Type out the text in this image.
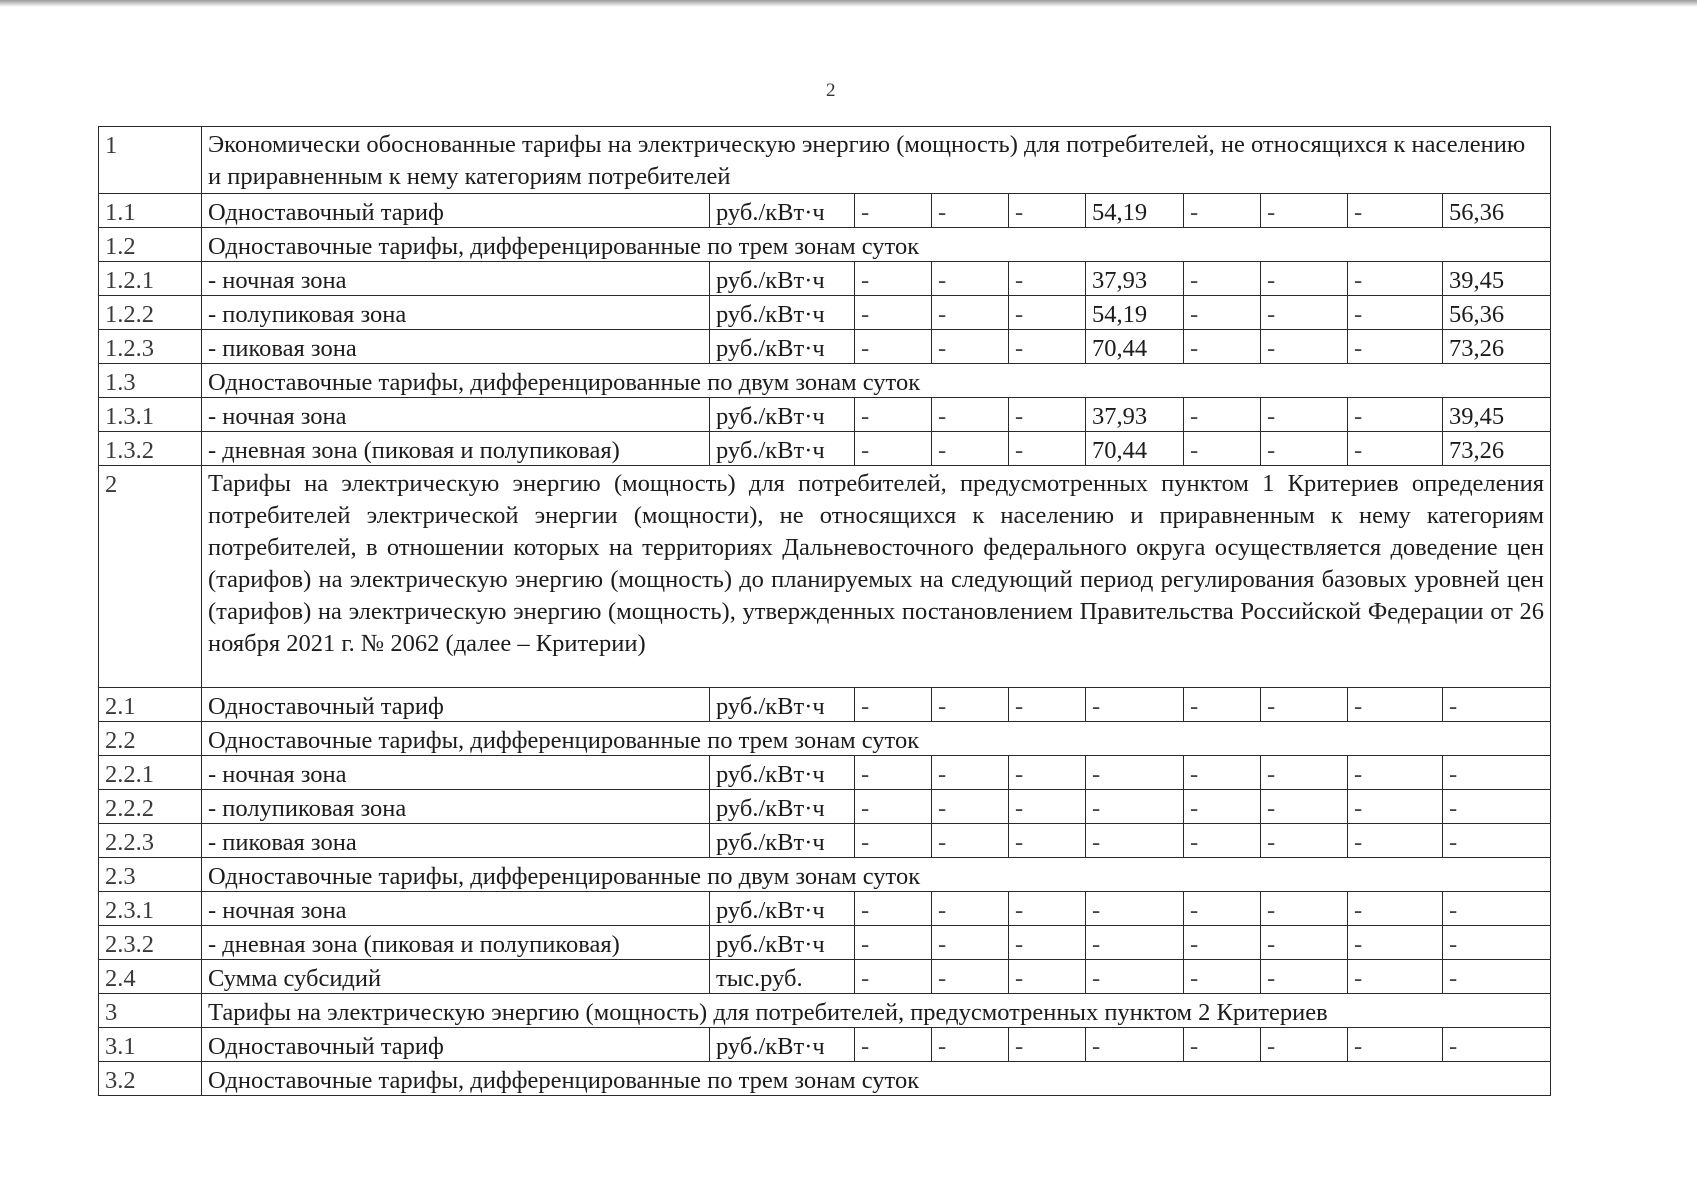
2
1	Экономически обоснованные тарифы на электрическую энергию (мощность) для потребителей, не относящихся к населению и приравненным к нему категориям потребителей									
1.1	Одноставочный тариф	руб./кВт·ч	-	-	-	54,19	-	-	-	56,36
1.2	Одноставочные тарифы, дифференцированные по трем зонам суток									
1.2.1	- ночная зона	руб./кВт·ч	-	-	-	37,93	-	-	-	39,45
1.2.2	- полупиковая зона	руб./кВт·ч	-	-	-	54,19	-	-	-	56,36
1.2.3	- пиковая зона	руб./кВт·ч	-	-	-	70,44	-	-	-	73,26
1.3	Одноставочные тарифы, дифференцированные по двум зонам суток									
1.3.1	- ночная зона	руб./кВт·ч	-	-	-	37,93	-	-	-	39,45
1.3.2	- дневная зона (пиковая и полупиковая)	руб./кВт·ч	-	-	-	70,44	-	-	-	73,26
2	Тарифы на электрическую энергию (мощность) для потребителей, предусмотренных пунктом 1 Критериев определения потребителей электрической энергии (мощности), не относящихся к населению и приравненным к нему категориям потребителей, в отношении которых на территориях Дальневосточного федерального округа осуществляется доведение цен (тарифов) на электрическую энергию (мощность) до планируемых на следующий период регулирования базовых уровней цен (тарифов) на электрическую энергию (мощность), утвержденных постановлением Правительства Российской Федерации от 26 ноября 2021 г. № 2062 (далее – Критерии)									
2.1	Одноставочный тариф	руб./кВт·ч	-	-	-	-	-	-	-	-
2.2	Одноставочные тарифы, дифференцированные по трем зонам суток									
2.2.1	- ночная зона	руб./кВт·ч	-	-	-	-	-	-	-	-
2.2.2	- полупиковая зона	руб./кВт·ч	-	-	-	-	-	-	-	-
2.2.3	- пиковая зона	руб./кВт·ч	-	-	-	-	-	-	-	-
2.3	Одноставочные тарифы, дифференцированные по двум зонам суток									
2.3.1	- ночная зона	руб./кВт·ч	-	-	-	-	-	-	-	-
2.3.2	- дневная зона (пиковая и полупиковая)	руб./кВт·ч	-	-	-	-	-	-	-	-
2.4	Сумма субсидий	тыс.руб.	-	-	-	-	-	-	-	-
3	Тарифы на электрическую энергию (мощность) для потребителей, предусмотренных пунктом 2 Критериев									
3.1	Одноставочный тариф	руб./кВт·ч	-	-	-	-	-	-	-	-
3.2	Одноставочные тарифы, дифференцированные по трем зонам суток									
